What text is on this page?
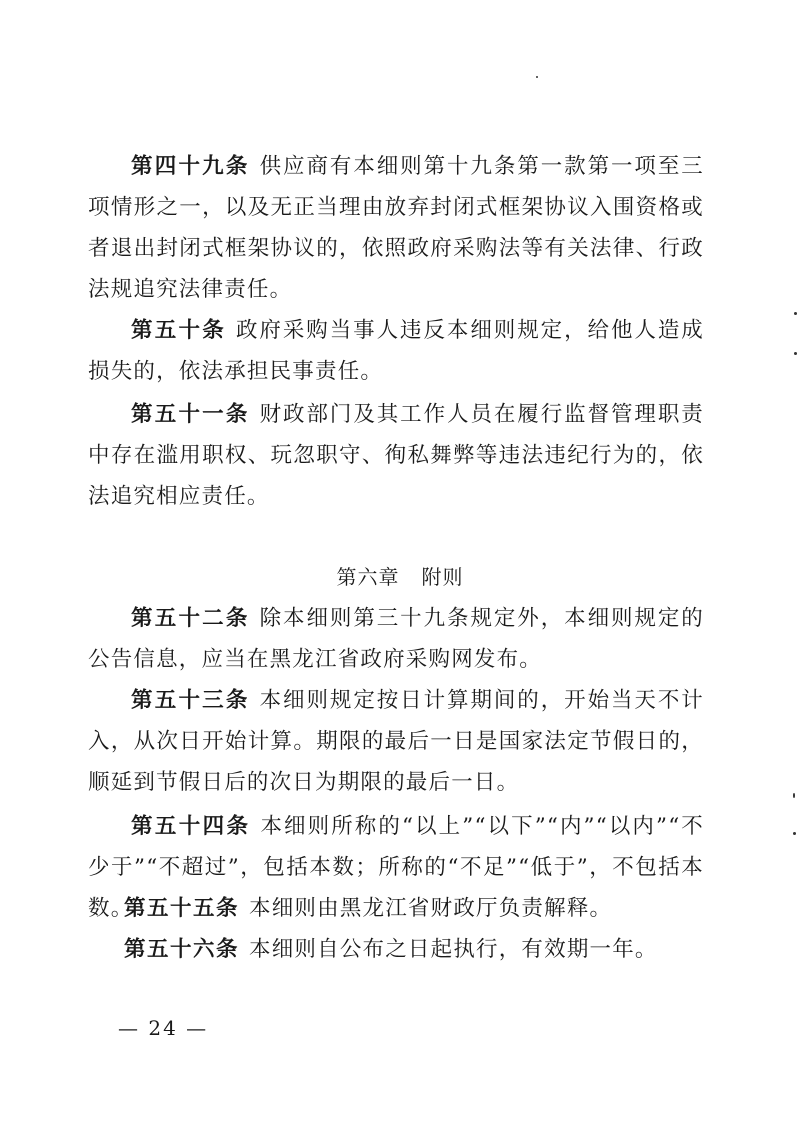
第四十九条 供应商有本细则第十九条第一款第一项至三项情形之一，以及无正当理由放弃封闭式框架协议入围资格或者退出封闭式框架协议的，依照政府采购法等有关法律、行政法规追究法律责任。

第五十条 政府采购当事人违反本细则规定，给他人造成损失的，依法承担民事责任。

第五十一条 财政部门及其工作人员在履行监督管理职责中存在滥用职权、玩忽职守、徇私舞弊等违法违纪行为的，依法追究相应责任。

第六章 附则

第五十二条 除本细则第三十九条规定外，本细则规定的公告信息，应当在黑龙江省政府采购网发布。

第五十三条 本细则规定按日计算期间的，开始当天不计入，从次日开始计算。期限的最后一日是国家法定节假日的，顺延到节假日后的次日为期限的最后一日。

第五十四条 本细则所称的“以上”“以下”“内”“以内”“不少于”“不超过”，包括本数；所称的“不足”“低于”，不包括本数。

第五十五条 本细则由黑龙江省财政厅负责解释。

第五十六条 本细则自公布之日起执行，有效期一年。

— 24 —
